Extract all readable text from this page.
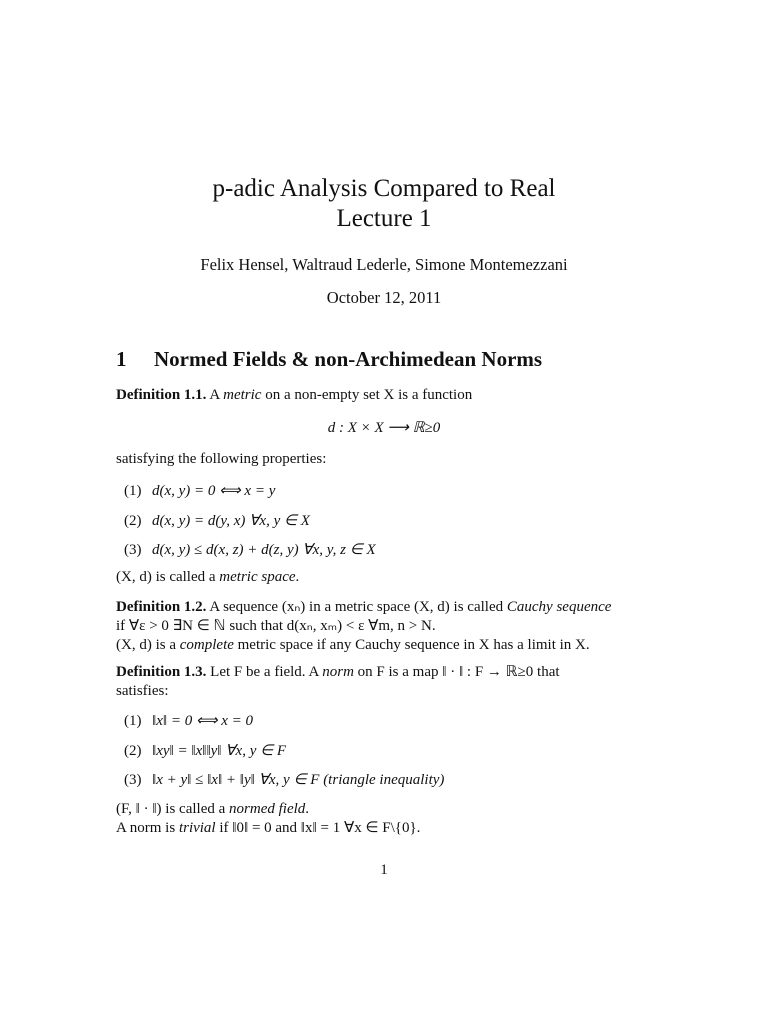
p-adic Analysis Compared to Real
Lecture 1
Felix Hensel, Waltraud Lederle, Simone Montemezzani
October 12, 2011
1 Normed Fields & non-Archimedean Norms
Definition 1.1. A metric on a non-empty set X is a function
d : X × X ⟶ ℝ≥0
satisfying the following properties:
(1) d(x, y) = 0 ⟺ x = y
(2) d(x, y) = d(y, x) ∀x, y ∈ X
(3) d(x, y) ≤ d(x, z) + d(z, y) ∀x, y, z ∈ X
(X, d) is called a metric space.
Definition 1.2. A sequence (xₙ) in a metric space (X, d) is called Cauchy sequence
if ∀ε > 0 ∃N ∈ ℕ such that d(xₙ, xₘ) < ε ∀m, n > N.
(X, d) is a complete metric space if any Cauchy sequence in X has a limit in X.
Definition 1.3. Let F be a field. A norm on F is a map ‖ · ‖ : F → ℝ≥0 that
satisfies:
(1) ‖x‖ = 0 ⟺ x = 0
(2) ‖xy‖ = ‖x‖‖y‖ ∀x, y ∈ F
(3) ‖x + y‖ ≤ ‖x‖ + ‖y‖ ∀x, y ∈ F (triangle inequality)
(F, ‖ · ‖) is called a normed field.
A norm is trivial if ‖0‖ = 0 and ‖x‖ = 1 ∀x ∈ F\{0}.
1
